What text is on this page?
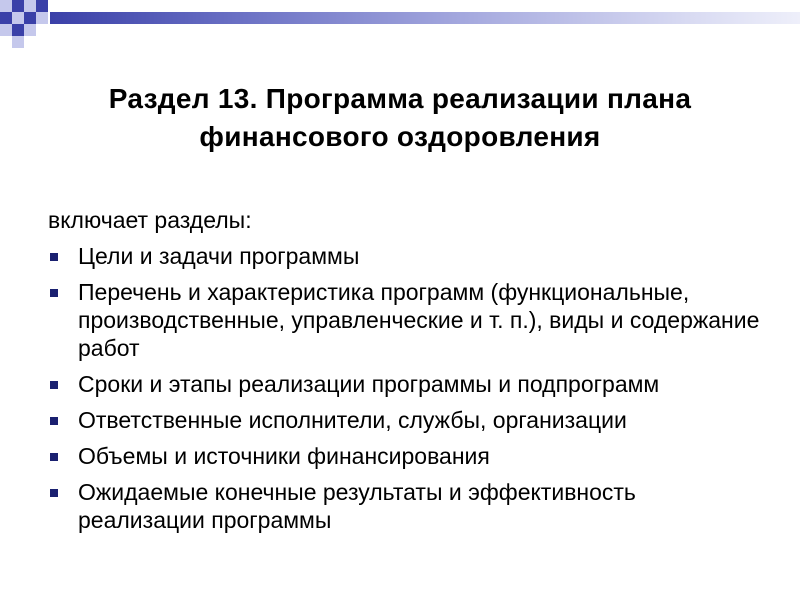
Раздел 13. Программа реализации плана
финансового оздоровления
включает разделы:
Цели и задачи программы
Перечень и характеристика программ (функциональные, производственные, управленческие и т. п.), виды и содержание работ
Сроки и этапы реализации программы и подпрограмм
Ответственные исполнители, службы, организации
Объемы и источники финансирования
Ожидаемые конечные результаты и эффективность реализации программы
